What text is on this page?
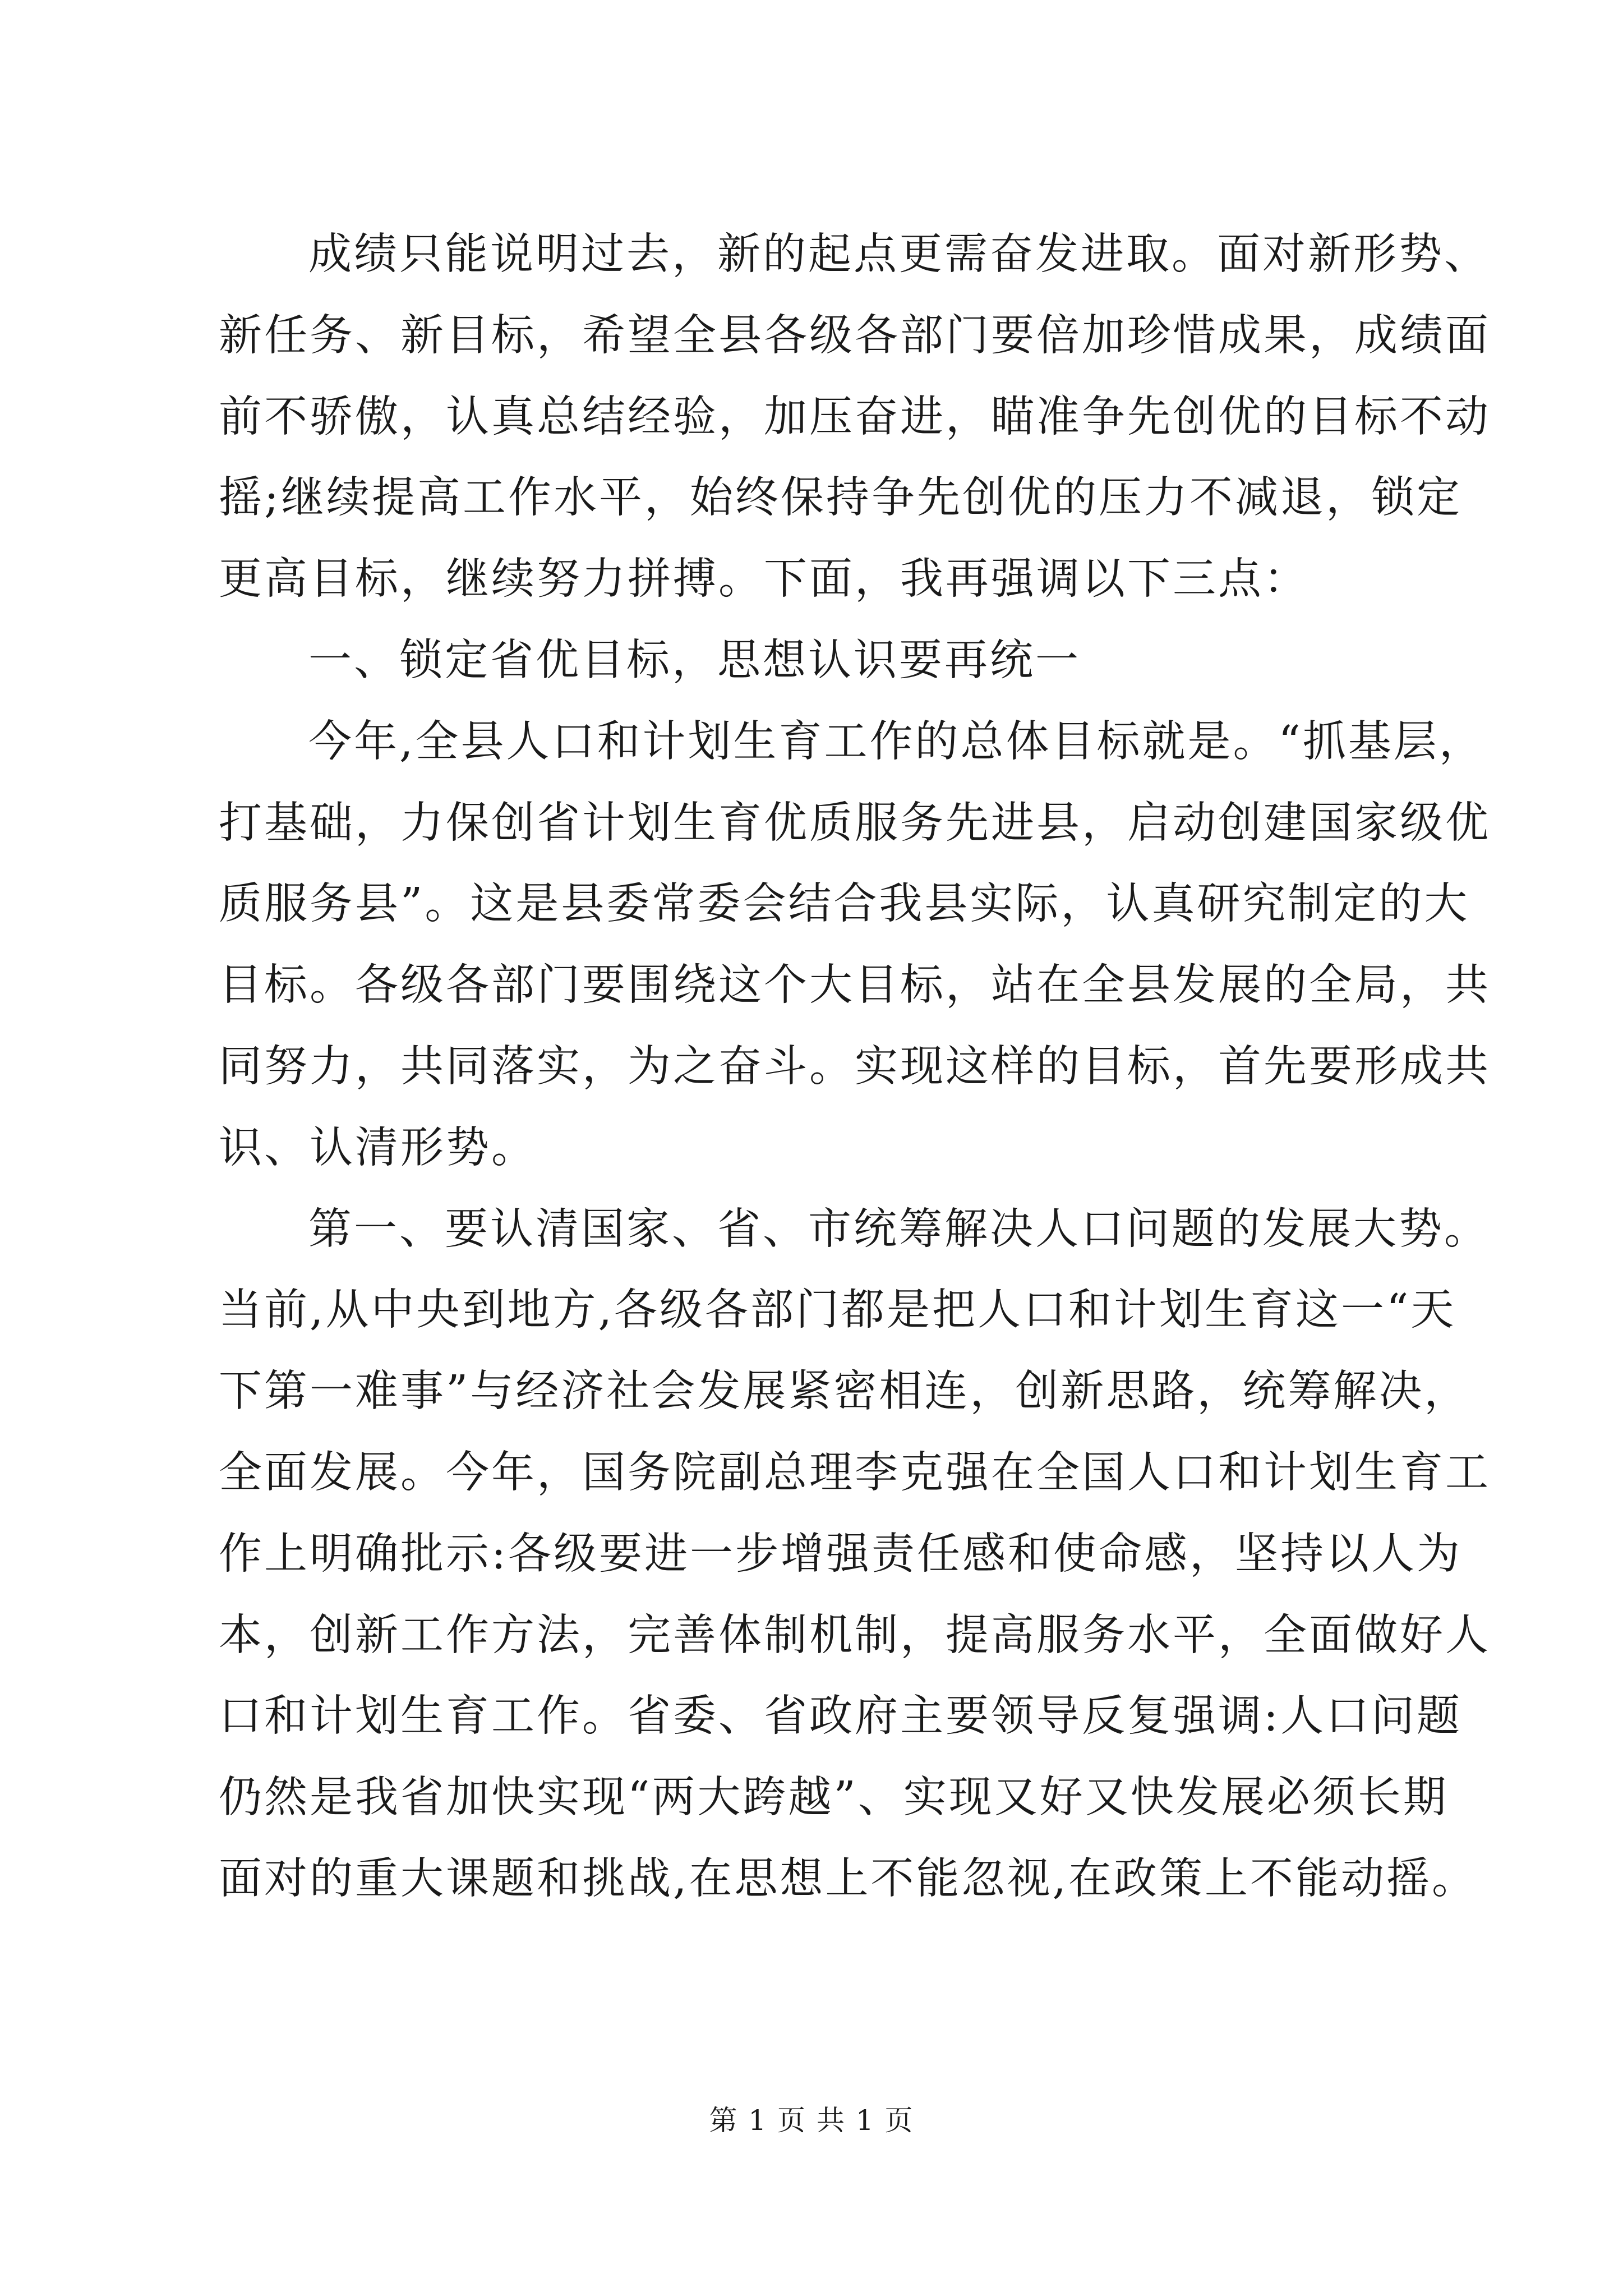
成绩只能说明过去，新的起点更需奋发进取。面对新形势、
新任务、新目标，希望全县各级各部门要倍加珍惜成果，成绩面
前不骄傲，认真总结经验，加压奋进，瞄准争先创优的目标不动
摇;继续提高工作水平，始终保持争先创优的压力不减退，锁定
更高目标，继续努力拼搏。下面，我再强调以下三点：
一、锁定省优目标，思想认识要再统一
今年,全县人口和计划生育工作的总体目标就是。“抓基层，
打基础，力保创省计划生育优质服务先进县，启动创建国家级优
质服务县”。这是县委常委会结合我县实际，认真研究制定的大
目标。各级各部门要围绕这个大目标，站在全县发展的全局，共
同努力，共同落实，为之奋斗。实现这样的目标，首先要形成共
识、认清形势。
第一、要认清国家、省、市统筹解决人口问题的发展大势。
当前,从中央到地方,各级各部门都是把人口和计划生育这一“天
下第一难事”与经济社会发展紧密相连，创新思路，统筹解决，
全面发展。今年，国务院副总理李克强在全国人口和计划生育工
作上明确批示:各级要进一步增强责任感和使命感，坚持以人为
本，创新工作方法，完善体制机制，提高服务水平，全面做好人
口和计划生育工作。省委、省政府主要领导反复强调:人口问题
仍然是我省加快实现“两大跨越”、实现又好又快发展必须长期
面对的重大课题和挑战,在思想上不能忽视,在政策上不能动摇。
第 1 页 共 1 页
